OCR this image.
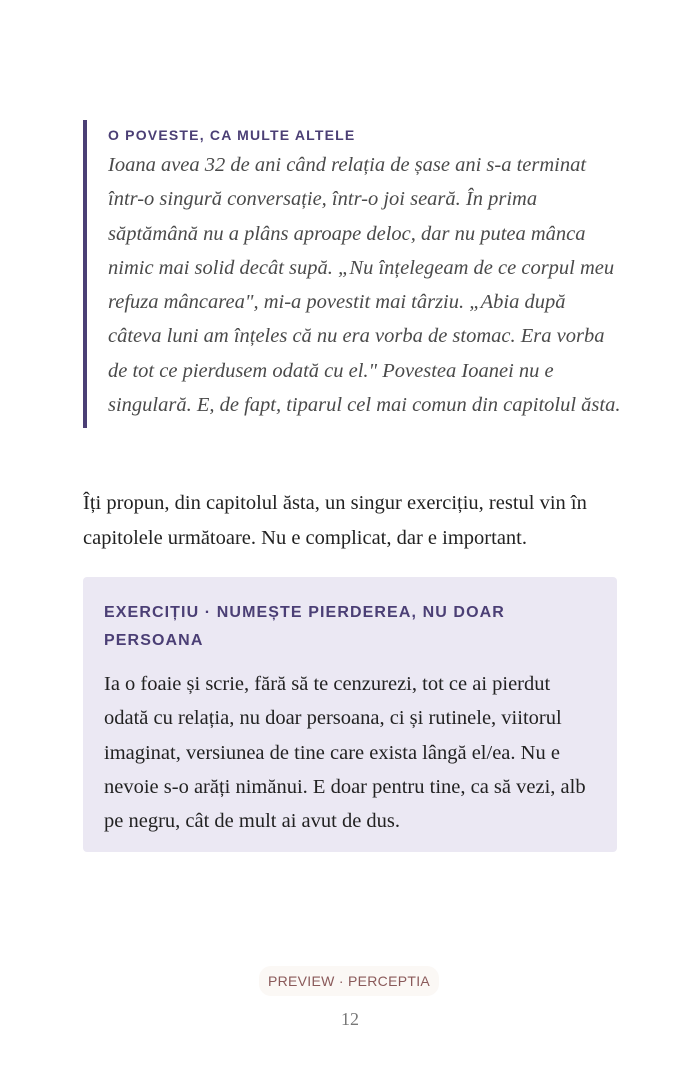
O POVESTE, CA MULTE ALTELE

Ioana avea 32 de ani când relația de șase ani s-a terminat într-o singură conversație, într-o joi seară. În prima săptămână nu a plâns aproape deloc, dar nu putea mânca nimic mai solid decât supă. „Nu înțelegeam de ce corpul meu refuza mâncarea", mi-a povestit mai târziu. „Abia după câteva luni am înțeles că nu era vorba de stomac. Era vorba de tot ce pierdusem odată cu el." Povestea Ioanei nu e singulară. E, de fapt, tiparul cel mai comun din capitolul ăsta.

Îți propun, din capitolul ăsta, un singur exercițiu, restul vin în capitolele următoare. Nu e complicat, dar e important.

EXERCIȚIU · NUMEȘTE PIERDEREA, NU DOAR PERSOANA

Ia o foaie și scrie, fără să te cenzurezi, tot ce ai pierdut odată cu relația, nu doar persoana, ci și rutinele, viitorul imaginat, versiunea de tine care exista lângă el/ea. Nu e nevoie s-o arăți nimănui. E doar pentru tine, ca să vezi, alb pe negru, cât de mult ai avut de dus.

PREVIEW · PERCEPTIA
12
